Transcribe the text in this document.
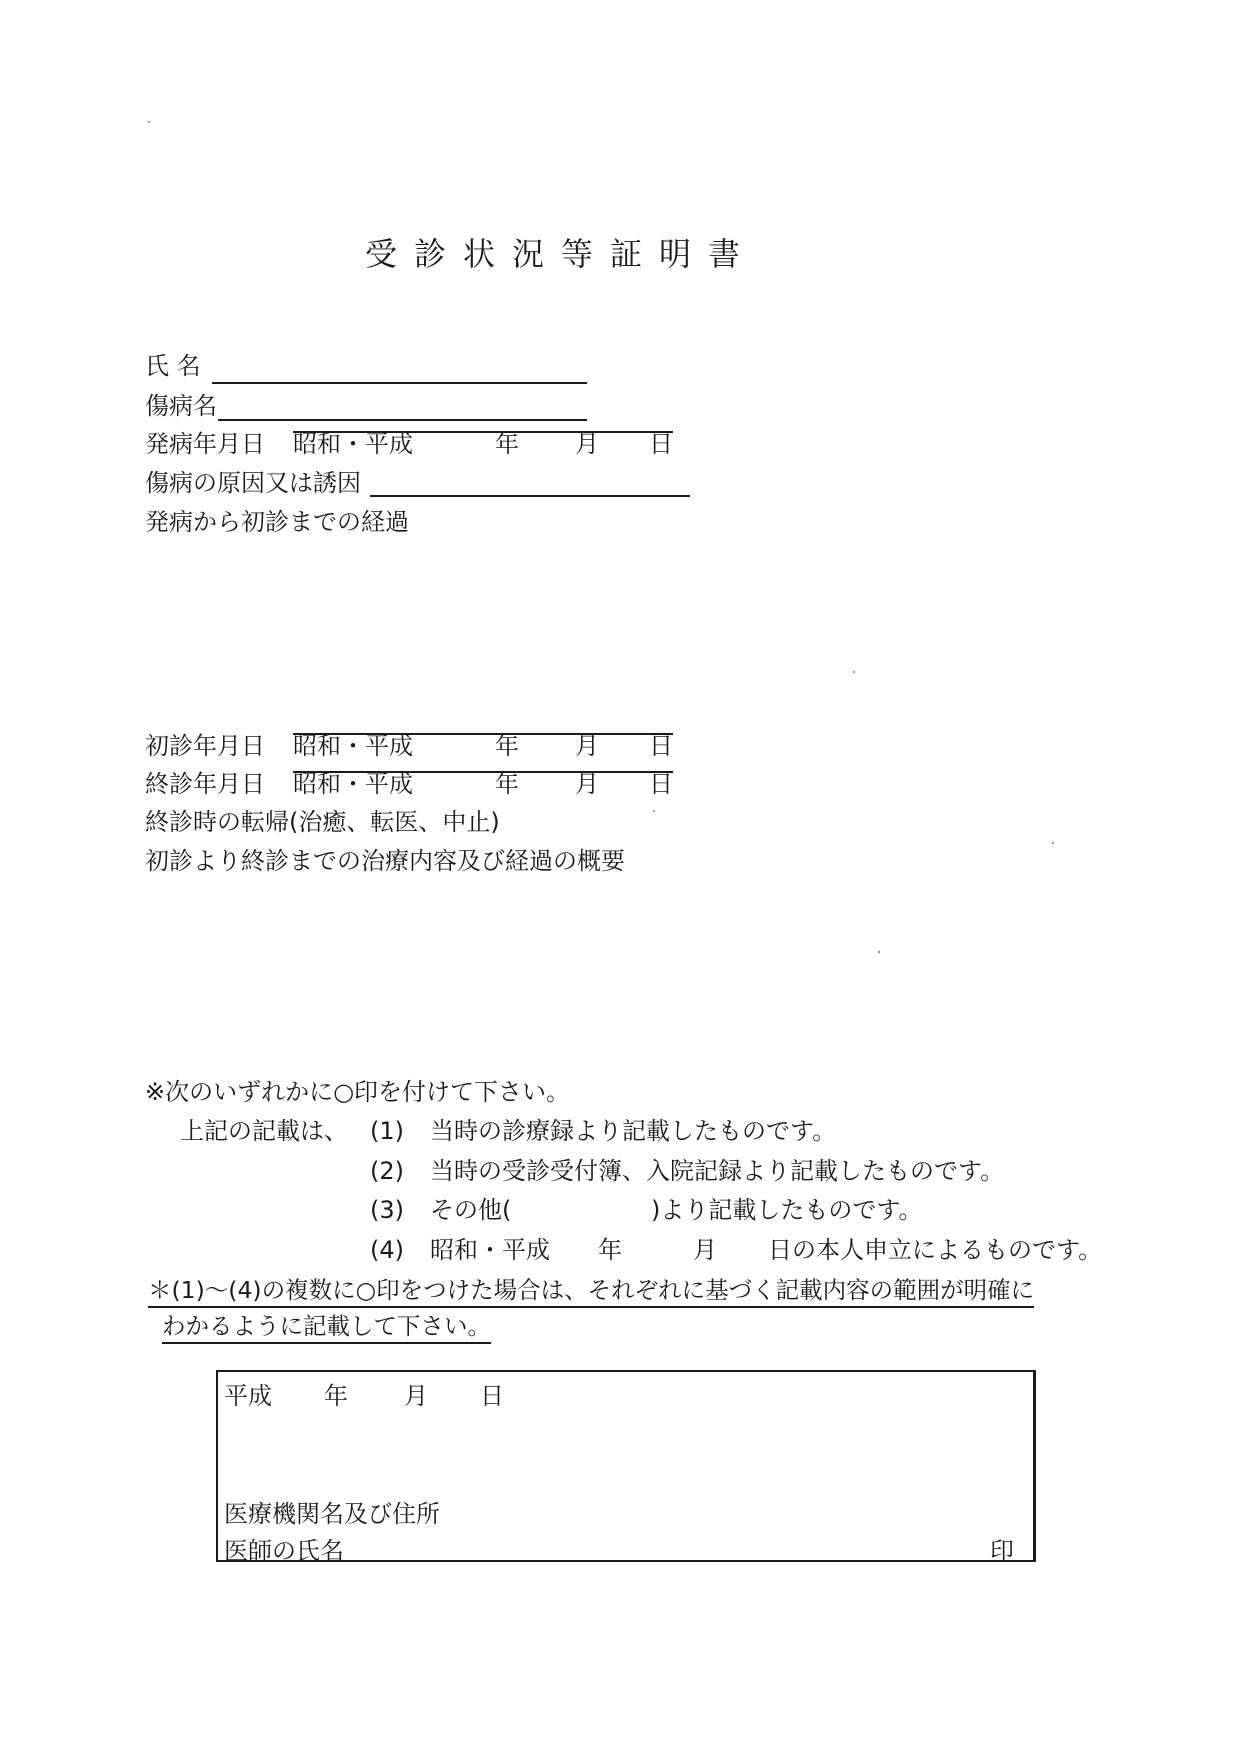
受診状況等証明書
氏 名
傷病名
発病年月日 昭和・平成	年 月 日
傷病の原因又は誘因
発病から初診までの経過
初診年月日 昭和・平成	年 月 日
終診年月日 昭和・平成	年 月 日
終診時の転帰(治癒、転医、中止)
初診より終診までの治療内容及び経過の概要
※次のいずれかに○印を付けて下さい。
上記の記載は、 (1) 当時の診療録より記載したものです。
(2) 当時の受診受付簿、入院記録より記載したものです。
(3) その他(	)より記載したものです。
(4) 昭和・平成 年	月 日の本人申立によるものです。
＊(1)～(4)の複数に○印をつけた場合は、それぞれに基づく記載内容の範囲が明確に
わかるように記載して下さい。
平成 年 月 日
医療機関名及び住所
医師の氏名	印
